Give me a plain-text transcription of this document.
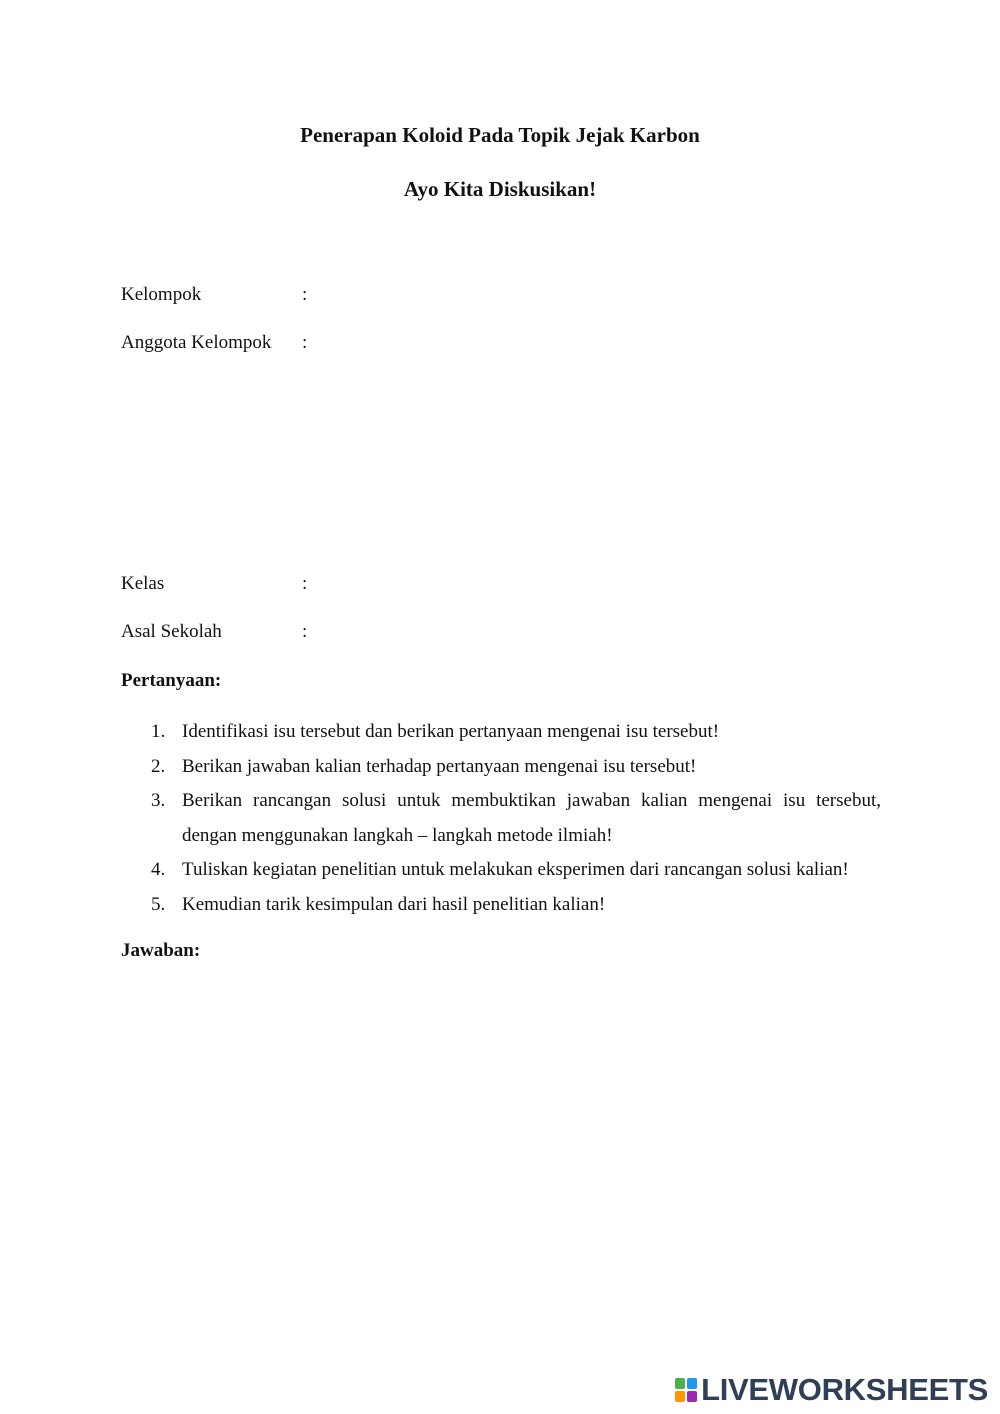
Penerapan Koloid Pada Topik Jejak Karbon
Ayo Kita Diskusikan!
Kelompok	:
Anggota Kelompok :
Kelas	:
Asal Sekolah	:
Pertanyaan:
1. Identifikasi isu tersebut dan berikan pertanyaan mengenai isu tersebut!
2. Berikan jawaban kalian terhadap pertanyaan mengenai isu tersebut!
3. Berikan rancangan solusi untuk membuktikan jawaban kalian mengenai isu tersebut, dengan menggunakan langkah – langkah metode ilmiah!
4. Tuliskan kegiatan penelitian untuk melakukan eksperimen dari rancangan solusi kalian!
5. Kemudian tarik kesimpulan dari hasil penelitian kalian!
Jawaban:
LIVEWORKSHEETS
